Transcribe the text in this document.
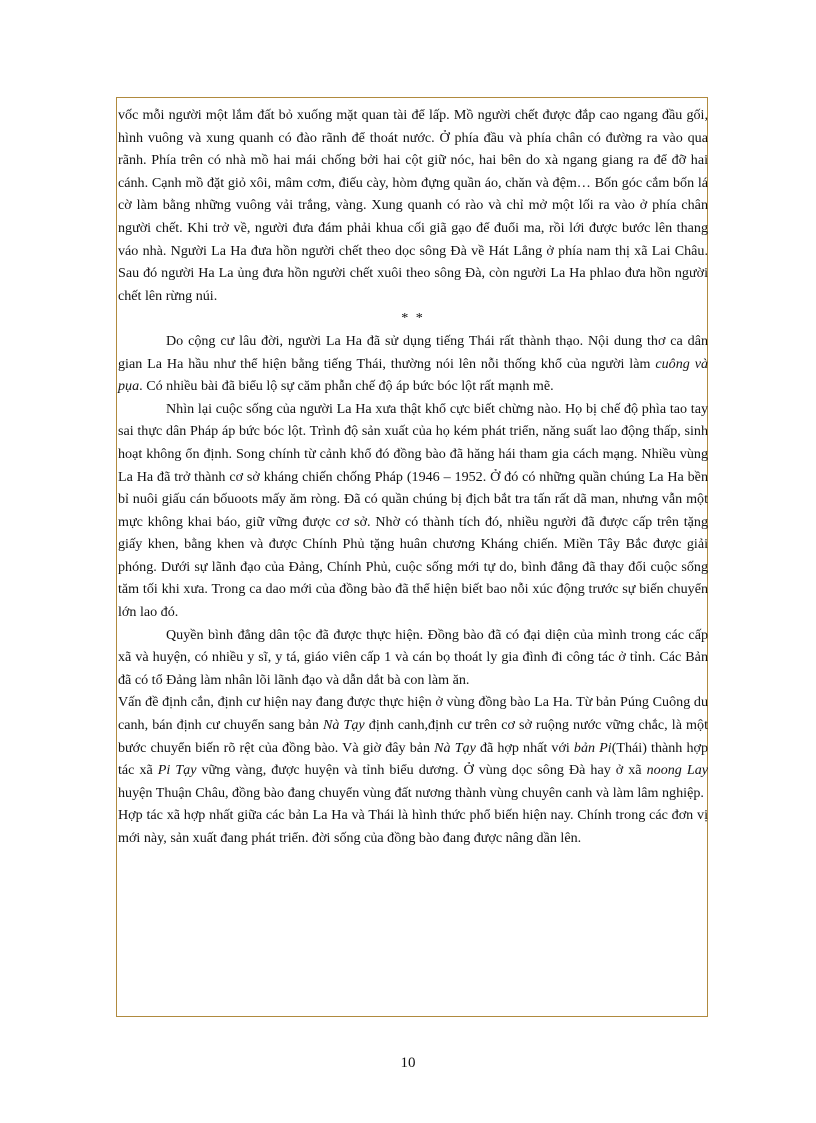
vốc mỗi người một lắm đất bỏ xuống mặt quan tài để lấp. Mồ người chết được đắp cao ngang đầu gối, hình vuông và xung quanh có đào rãnh để thoát nước. Ở phía đầu và phía chân có đường ra vào qua rãnh. Phía trên có nhà mồ hai mái chống bởi hai cột giữ nóc, hai bên do xà ngang giang ra để đỡ hai cánh. Cạnh mồ đặt giỏ xôi, mâm cơm, điếu cày, hòm đựng quần áo, chăn và đệm… Bốn góc cắm bốn lá cờ làm bằng những vuông vải trắng, vàng. Xung quanh có rào và chỉ mở một lối ra vào ở phía chân người chết. Khi trở về, người đưa đám phải khua cối giã gạo để đuổi ma, rồi lới được bước lên thang váo nhà. Người La Ha đưa hồn người chết theo dọc sông Đà về Hát Lẳng ở phía nam thị xã Lai Châu. Sau đó người Ha La ủng đưa hồn người chết xuôi theo sông Đà, còn người La Ha phlao đưa hồn người chết lên rừng núi.

* *

Do cộng cư lâu đời, người La Ha đã sử dụng tiếng Thái rất thành thạo. Nội dung thơ ca dân gian La Ha hầu như thể hiện bằng tiếng Thái, thường nói lên nỗi thống khổ của người làm cuông và pụa. Có nhiều bài đã biểu lộ sự căm phẫn chế độ áp bức bóc lột rất mạnh mẽ.

Nhìn lại cuộc sống của người La Ha xưa thật khổ cực biết chừng nào. Họ bị chế độ phìa tao tay sai thực dân Pháp áp bức bóc lột. Trình độ sản xuất của họ kém phát triển, năng suất lao động thấp, sinh hoạt không ổn định. Song chính từ cảnh khổ đó đồng bào đã hăng hái tham gia cách mạng. Nhiều vùng La Ha đã trở thành cơ sở kháng chiến chống Pháp (1946 – 1952. Ở đó có những quần chúng La Ha bền bỉ nuôi giấu cán bốuoots mấy ăm ròng. Đã có quần chúng bị địch bắt tra tấn rất dã man, nhưng vẫn một mực không khai báo, giữ vững được cơ sở. Nhờ có thành tích đó, nhiều người đã được cấp trên tặng giấy khen, bằng khen và được Chính Phủ tặng huân chương Kháng chiến. Miền Tây Bắc được giải phóng. Dưới sự lãnh đạo của Đảng, Chính Phủ, cuộc sống mới tự do, bình đẳng đã thay đổi cuộc sống tăm tối khi xưa. Trong ca dao mới của đồng bào đã thể hiện biết bao nỗi xúc động trước sự biến chuyển lớn lao đó.

Quyền bình đẳng dân tộc đã được thực hiện. Đồng bào đã có đại diện của mình trong các cấp xã và huyện, có nhiều y sĩ, y tá, giáo viên cấp 1 và cán bọ thoát ly gia đình đi công tác ở tỉnh. Các Bản đã có tổ Đảng làm nhân lõi lãnh đạo và dẫn dắt bà con làm ăn.

Vấn đề định cắn, định cư hiện nay đang được thực hiện ở vùng đồng bào La Ha. Từ bản Púng Cuông du canh, bán định cư chuyển sang bản Nà Tạy định canh,định cư trên cơ sở ruộng nước vững chắc, là một bước chuyển biến rõ rệt của đồng bào. Và giờ đây bản Nà Tạy đã hợp nhất với bản Pi(Thái) thành hợp tác xã Pi Tạy vững vàng, được huyện và tỉnh biểu dương. Ở vùng dọc sông Đà hay ở xã noong Lay huyện Thuận Châu, đồng bào đang chuyển vùng đất nương thành vùng chuyên canh và làm lâm nghiệp.

Hợp tác xã hợp nhất giữa các bản La Ha và Thái là hình thức phổ biến hiện nay. Chính trong các đơn vị mới này, sản xuất đang phát triển. đời sống của đồng bào đang được nâng dần lên.

10
